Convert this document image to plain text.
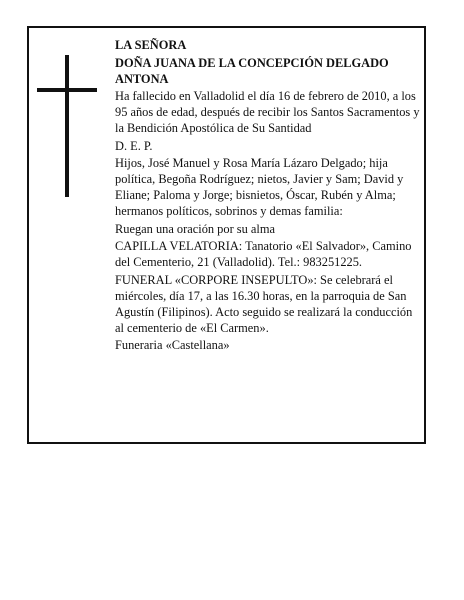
LA SEÑORA

DOÑA JUANA DE LA CONCEPCIÓN DELGADO ANTONA

Ha fallecido en Valladolid el día 16 de febrero de 2010, a los 95 años de edad, después de recibir los Santos Sacramentos y la Bendición Apostólica de Su Santidad

D. E. P.

Hijos, José Manuel y Rosa María Lázaro Delgado; hija política, Begoña Rodríguez; nietos, Javier y Sam; David y Eliane; Paloma y Jorge; bisnietos, Óscar, Rubén y Alma; hermanos políticos, sobrinos y demas familia:

Ruegan una oración por su alma

CAPILLA VELATORIA: Tanatorio «El Salvador», Camino del Cementerio, 21 (Valladolid). Tel.: 983251225.

FUNERAL «CORPORE INSEPULTO»: Se celebrará el miércoles, día 17, a las 16.30 horas, en la parroquia de San Agustín (Filipinos). Acto seguido se realizará la conducción al cementerio de «El Carmen».

Funeraria «Castellana»
